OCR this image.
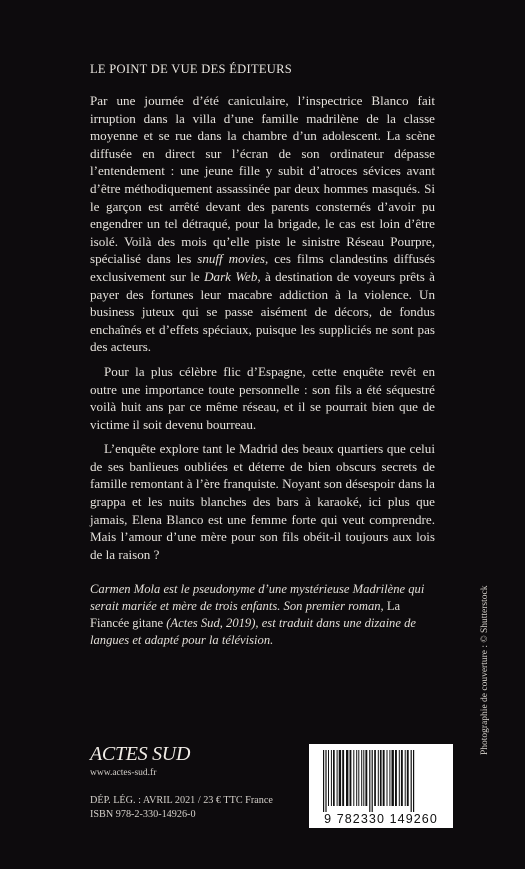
LE POINT DE VUE DES ÉDITEURS

Par une journée d’été caniculaire, l’inspectrice Blanco fait irruption dans la villa d’une famille madrilène de la classe moyenne et se rue dans la chambre d’un adolescent. La scène diffusée en direct sur l’écran de son ordinateur dépasse l’entendement : une jeune fille y subit d’atroces sévices avant d’être méthodiquement assassinée par deux hommes masqués. Si le garçon est arrêté devant des parents consternés d’avoir pu engendrer un tel détraqué, pour la brigade, le cas est loin d’être isolé. Voilà des mois qu’elle piste le sinistre Réseau Pourpre, spécialisé dans les snuff movies, ces films clandestins diffusés exclusivement sur le Dark Web, à destination de voyeurs prêts à payer des fortunes leur macabre addiction à la violence. Un business juteux qui se passe aisément de décors, de fondus enchaînés et d’effets spéciaux, puisque les suppliciés ne sont pas des acteurs.

Pour la plus célèbre flic d’Espagne, cette enquête revêt en outre une importance toute personnelle : son fils a été séquestré voilà huit ans par ce même réseau, et il se pourrait bien que de victime il soit devenu bourreau.

L’enquête explore tant le Madrid des beaux quartiers que celui de ses banlieues oubliées et déterre de bien obscurs secrets de famille remontant à l’ère franquiste. Noyant son désespoir dans la grappa et les nuits blanches des bars à karaoké, ici plus que jamais, Elena Blanco est une femme forte qui veut comprendre. Mais l’amour d’une mère pour son fils obéit-il toujours aux lois de la raison ?

Carmen Mola est le pseudonyme d’une mystérieuse Madrilène qui serait mariée et mère de trois enfants. Son premier roman, La Fiancée gitane (Actes Sud, 2019), est traduit dans une dizaine de langues et adapté pour la télévision.
ACTES SUD
www.actes-sud.fr
DÉP. LÉG. : AVRIL 2021 / 23 € TTC France
ISBN 978-2-330-14926-0	9 782330 149260
Photographie de couverture : © Shutterstock
